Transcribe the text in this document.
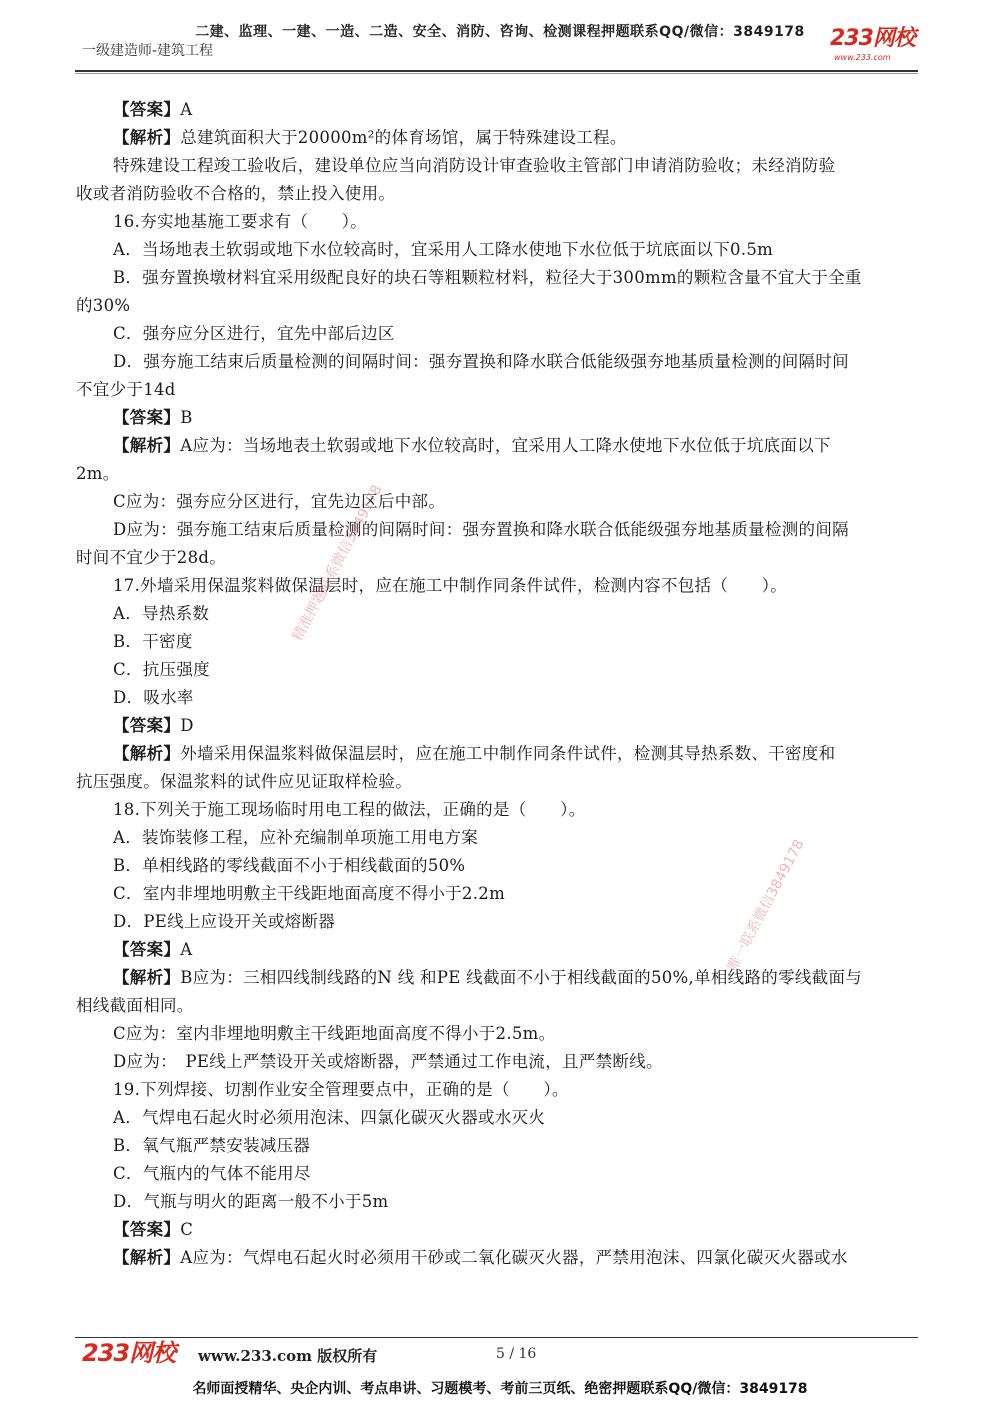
二建、监理、一建、一造、二造、安全、消防、咨询、检测课程押题联系QQ/微信：3849178
一级建造师-建筑工程	233网校
www.233.com
【答案】A
【解析】总建筑面积大于20000m²的体育场馆，属于特殊建设工程。
特殊建设工程竣工验收后，建设单位应当向消防设计审查验收主管部门申请消防验收；未经消防验
收或者消防验收不合格的，禁止投入使用。
16.夯实地基施工要求有（　　）。
A．当场地表土软弱或地下水位较高时，宜采用人工降水使地下水位低于坑底面以下0.5m
B．强夯置换墩材料宜采用级配良好的块石等粗颗粒材料，粒径大于300mm的颗粒含量不宜大于全重
的30%
C．强夯应分区进行，宜先中部后边区
D．强夯施工结束后质量检测的间隔时间：强夯置换和降水联合低能级强夯地基质量检测的间隔时间
不宜少于14d
【答案】B
【解析】A应为：当场地表土软弱或地下水位较高时，宜采用人工降水使地下水位低于坑底面以下
2m。
C应为：强夯应分区进行，宜先边区后中部。
D应为：强夯施工结束后质量检测的间隔时间：强夯置换和降水联合低能级强夯地基质量检测的间隔
时间不宜少于28d。
17.外墙采用保温浆料做保温层时，应在施工中制作同条件试件，检测内容不包括（　　）。
A．导热系数
B．干密度
C．抗压强度
D．吸水率
【答案】D
【解析】外墙采用保温浆料做保温层时，应在施工中制作同条件试件，检测其导热系数、干密度和
抗压强度。保温浆料的试件应见证取样检验。
18.下列关于施工现场临时用电工程的做法，正确的是（　　）。
A．装饰装修工程，应补充编制单项施工用电方案
B．单相线路的零线截面不小于相线截面的50%
C．室内非埋地明敷主干线距地面高度不得小于2.2m
D．PE线上应设开关或熔断器
【答案】A
【解析】B应为：三相四线制线路的N 线 和PE 线截面不小于相线截面的50%,单相线路的零线截面与
相线截面相同。
C应为：室内非埋地明敷主干线距地面高度不得小于2.5m。
D应为：　PE线上严禁设开关或熔断器，严禁通过工作电流，且严禁断线。
19.下列焊接、切割作业安全管理要点中，正确的是（　　）。
A．气焊电石起火时必须用泡沫、四氯化碳灭火器或水灭火
B．氧气瓶严禁安装减压器
C．气瓶内的气体不能用尽
D．气瓶与明火的距离一般不小于5m
【答案】C
【解析】A应为：气焊电石起火时必须用干砂或二氧化碳灭火器，严禁用泡沫、四氯化碳灭火器或水
精准押题联系微信3849178
唯一联系微信3849178
233网校 www.233.com 版权所有	5 / 16
名师面授精华、央企内训、考点串讲、习题模考、考前三页纸、绝密押题联系QQ/微信：3849178
